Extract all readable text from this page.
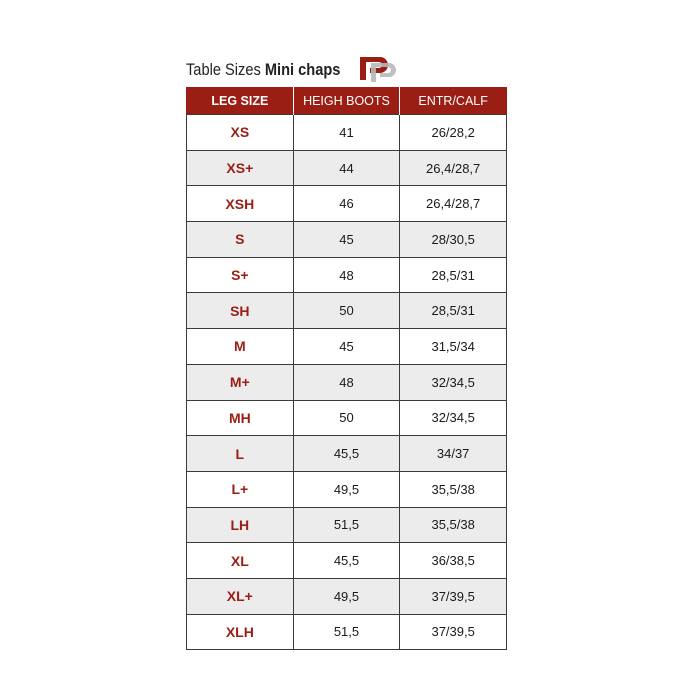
Table Sizes Mini chaps
LEG SIZE	HEIGH BOOTS	ENTR/CALF
XS	41	26/28,2
XS+	44	26,4/28,7
XSH	46	26,4/28,7
S	45	28/30,5
S+	48	28,5/31
SH	50	28,5/31
M	45	31,5/34
M+	48	32/34,5
MH	50	32/34,5
L	45,5	34/37
L+	49,5	35,5/38
LH	51,5	35,5/38
XL	45,5	36/38,5
XL+	49,5	37/39,5
XLH	51,5	37/39,5
